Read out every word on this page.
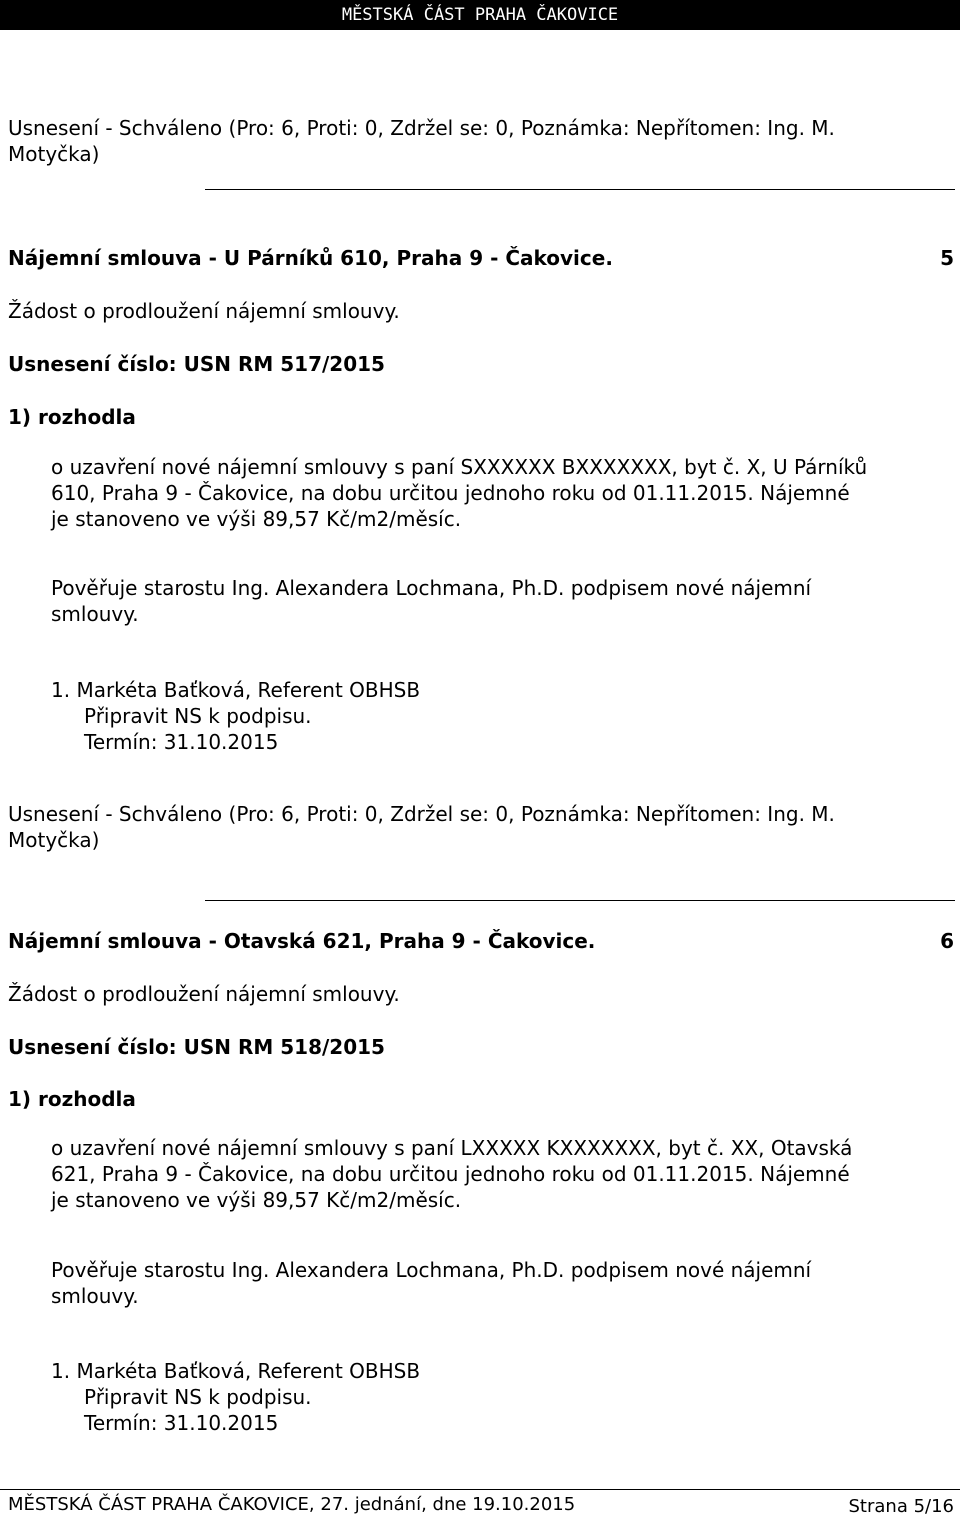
MĚSTSKÁ ČÁST PRAHA ČAKOVICE
Usnesení - Schváleno (Pro: 6, Proti: 0, Zdržel se: 0, Poznámka: Nepřítomen: Ing. M.
Motyčka)
Nájemní smlouva - U Párníků 610, Praha 9 - Čakovice.	5
Žádost o prodloužení nájemní smlouvy.
Usnesení číslo: USN RM 517/2015
1) rozhodla
o uzavření nové nájemní smlouvy s paní SXXXXXX BXXXXXXX, byt č. X, U Párníků
610, Praha 9 - Čakovice, na dobu určitou jednoho roku od 01.11.2015. Nájemné
je stanoveno ve výši 89,57 Kč/m2/měsíc.
Pověřuje starostu Ing. Alexandera Lochmana, Ph.D. podpisem nové nájemní
smlouvy.
1. Markéta Baťková, Referent OBHSB
Připravit NS k podpisu.
Termín: 31.10.2015
Usnesení - Schváleno (Pro: 6, Proti: 0, Zdržel se: 0, Poznámka: Nepřítomen: Ing. M.
Motyčka)
Nájemní smlouva - Otavská 621, Praha 9 - Čakovice.	6
Žádost o prodloužení nájemní smlouvy.
Usnesení číslo: USN RM 518/2015
1) rozhodla
o uzavření nové nájemní smlouvy s paní LXXXXX KXXXXXXX, byt č. XX, Otavská
621, Praha 9 - Čakovice, na dobu určitou jednoho roku od 01.11.2015. Nájemné
je stanoveno ve výši 89,57 Kč/m2/měsíc.
Pověřuje starostu Ing. Alexandera Lochmana, Ph.D. podpisem nové nájemní
smlouvy.
1. Markéta Baťková, Referent OBHSB
Připravit NS k podpisu.
Termín: 31.10.2015
MĚSTSKÁ ČÁST PRAHA ČAKOVICE, 27. jednání, dne 19.10.2015	Strana 5/16
